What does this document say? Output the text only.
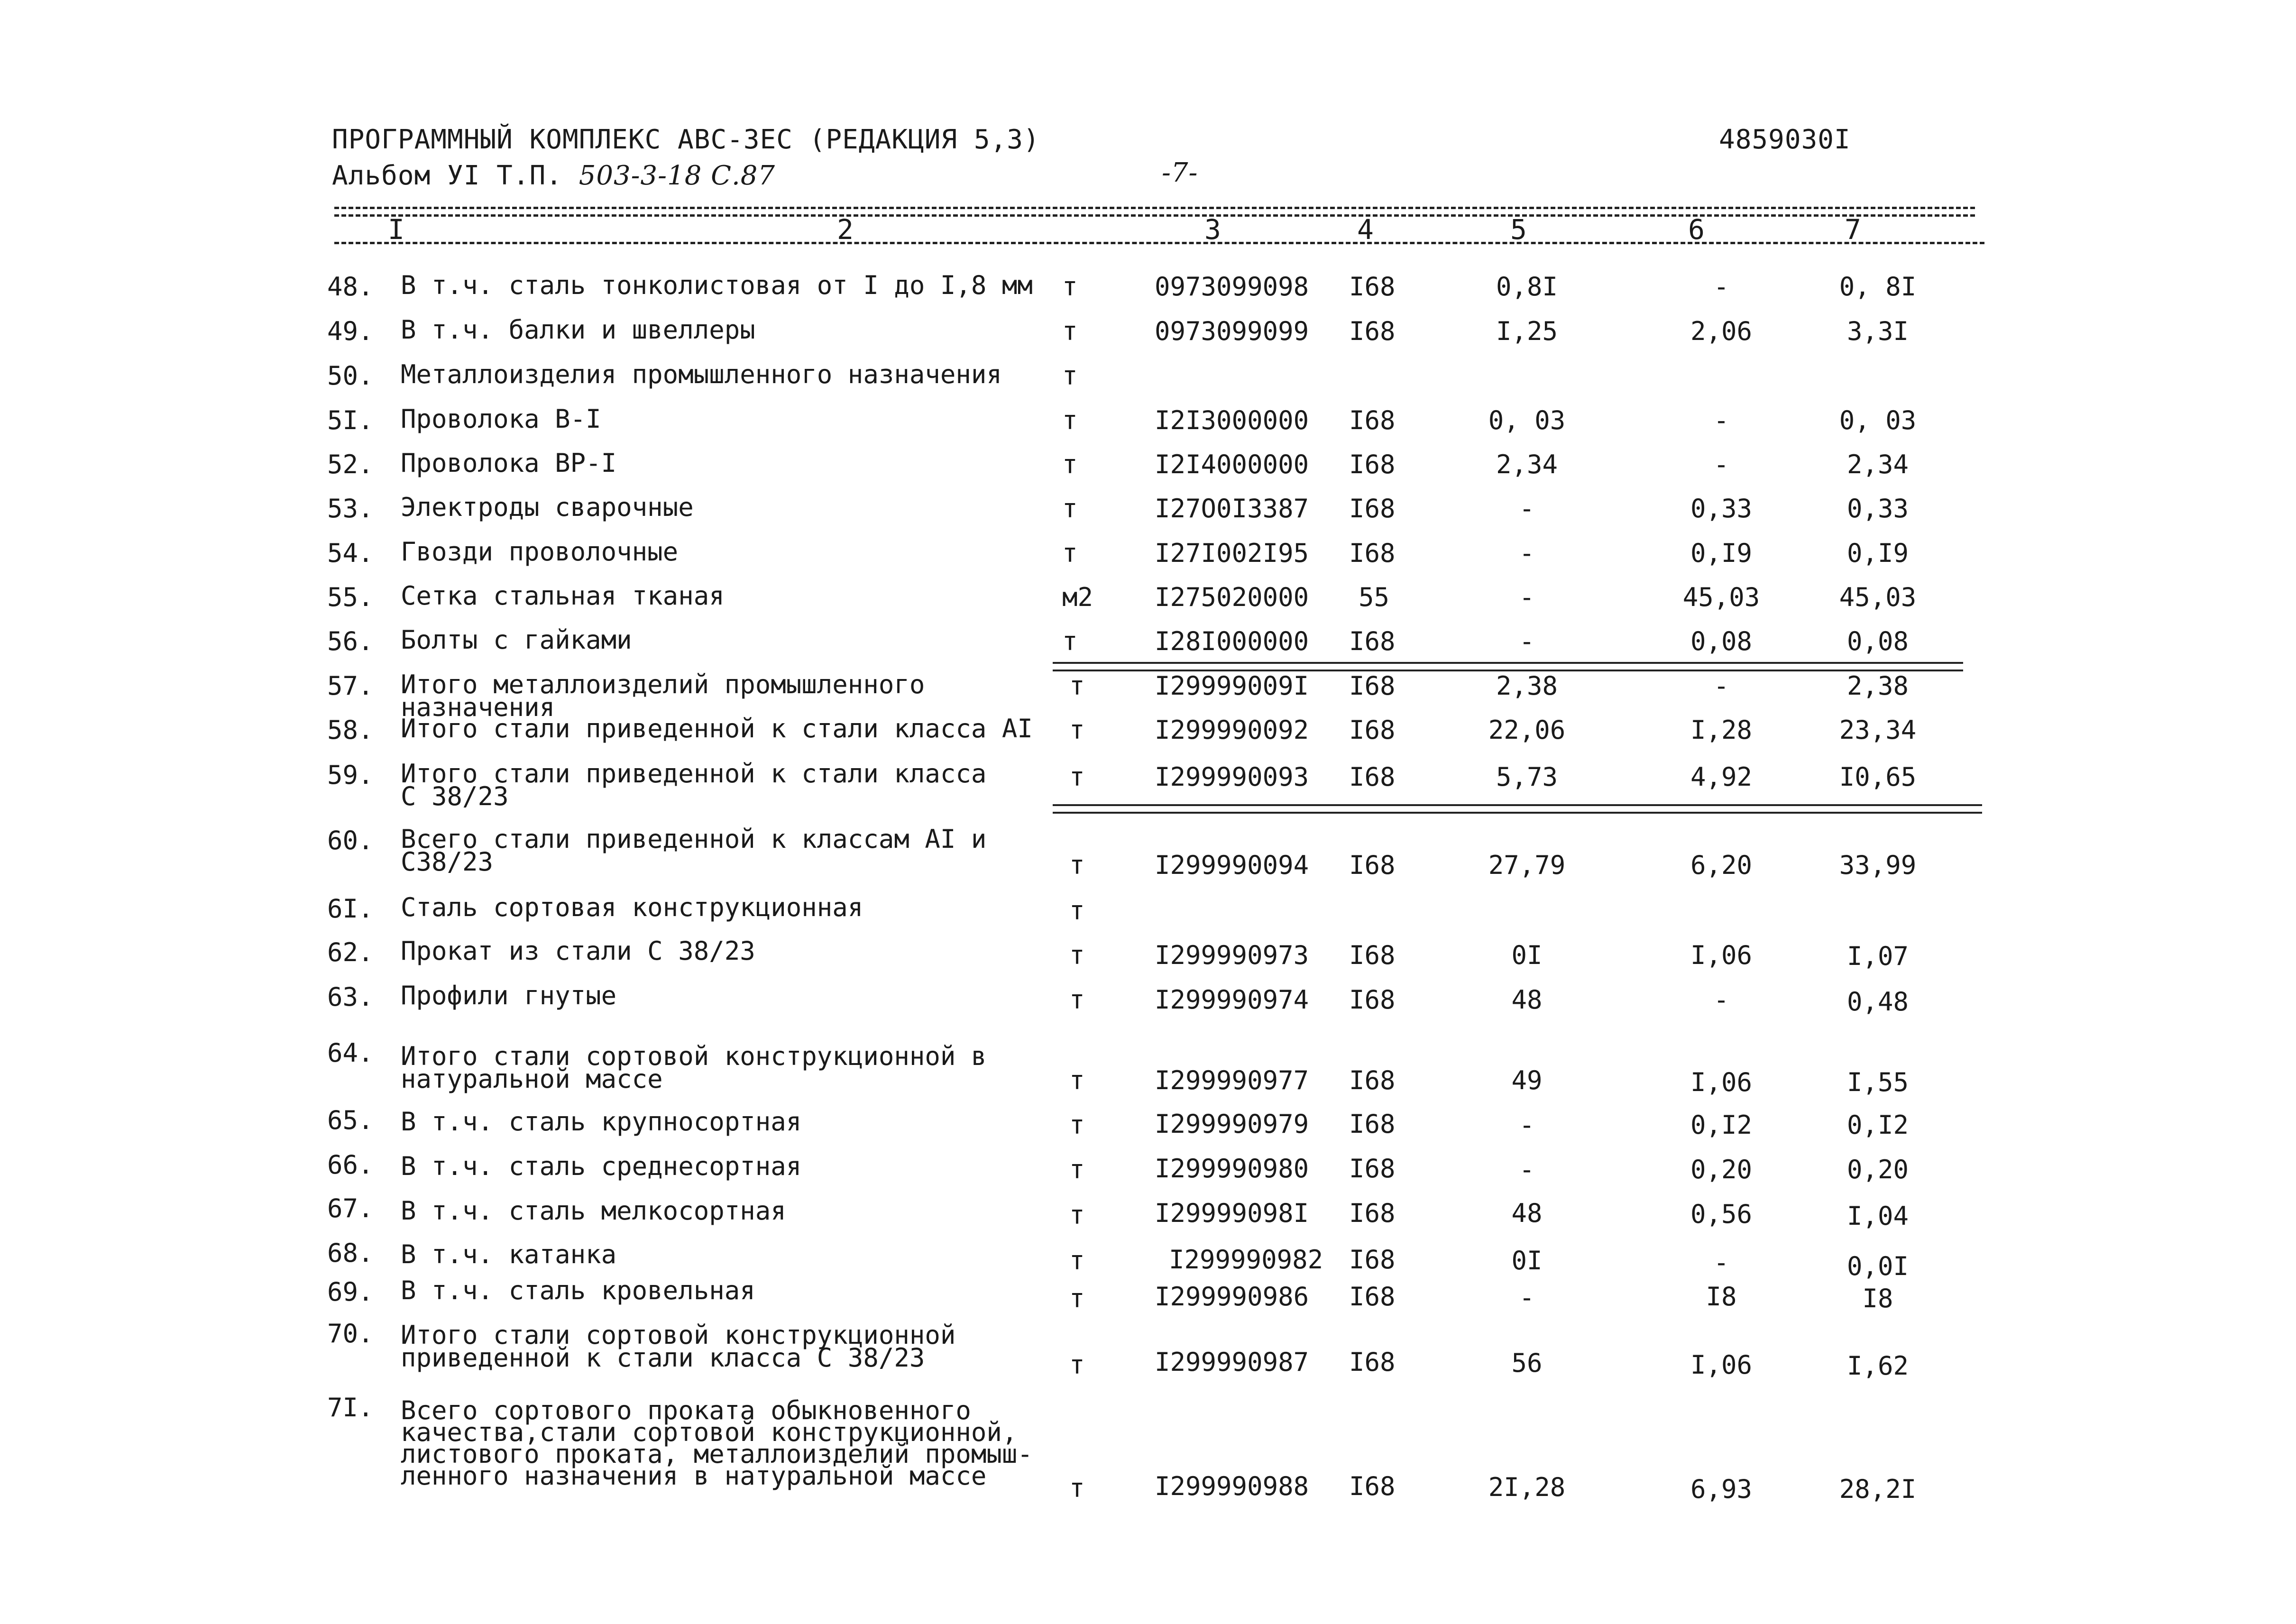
ПРОГРАММНЫЙ КОМПЛЕКС АВС-ЗЕС (РЕДАКЦИЯ 5,3)
Альбом УI Т.П. 503-3-18 С.87	-7-
4859030I
I	2	3	4	5	6	7
48. В т.ч. сталь тонколистовая от I до I,8 мм	т	0973099098 I68	0,8I	-	0, 8I
49. В т.ч. балки и швеллеры	т	0973099099 I68	I,25	2,06	3,3I
50. Металлоизделия промышленного назначения	т
5I. Проволока В-I	т	I2I3000000 I68	0, 03	-	0, 03
52. Проволока ВР-I	т	I2I4000000 I68	2,34	-	2,34
53. Электроды сварочные	т	I27O0I3387 I68	-	0,33	0,33
54. Гвозди проволочные	т	I27I002I95 I68	-	0,I9	0,I9
55. Сетка стальная тканая	м2 I275020000 55	-	45,03	45,03
56. Болты с гайками	т	I28I000000 I68	-	0,08	0,08
57. Итого металлоизделий промышленного назначения
т	I29999009I I68	2,38	-	2,38
58. Итого стали приведенной к стали класса АI	т	I299990092 I68	22,06	I,28	23,34
59. Итого стали приведенной к стали класса
С 38/23
т	I299990093 I68	5,73	4,92	I0,65
60. Всего стали приведенной к классам АI и
С38/23	т	I299990094 I68	27,79	6,20	33,99
6I. Сталь сортовая конструкционная	т
62. Прокат из стали С 38/23	т	I299990973 I68	0I	I,06	I,07
63. Профили гнутые	т	I299990974 I68	48	-	0,48
64. Итого стали сортовой конструкционной в
натуральной массе	т	I299990977 I68	49	I,06	I,55
65. В т.ч. сталь крупносортная	т	I299990979 I68	-	0,I2	0,I2
66. В т.ч. сталь среднесортная	т	I299990980 I68	-	0,20	0,20
67. В т.ч. сталь мелкосортная	т	I29999098I I68	48	0,56	I,04
68. В т.ч. катанка	т	I299990982 I68	0I	-	0,0I
69. В т.ч. сталь кровельная	т	I299990986 I68	-	I8	I8
70. Итого стали сортовой конструкционной
приведенной к стали класса С 38/23	т	I299990987 I68	56	I,06	I,62
7I. Всего сортового проката обыкновенного
качества,стали сортовой конструкционной,
листового проката, металлоизделий промыш-
ленного назначения в натуральной массе	т	I299990988 I68	2I,28	6,93	28,2I
